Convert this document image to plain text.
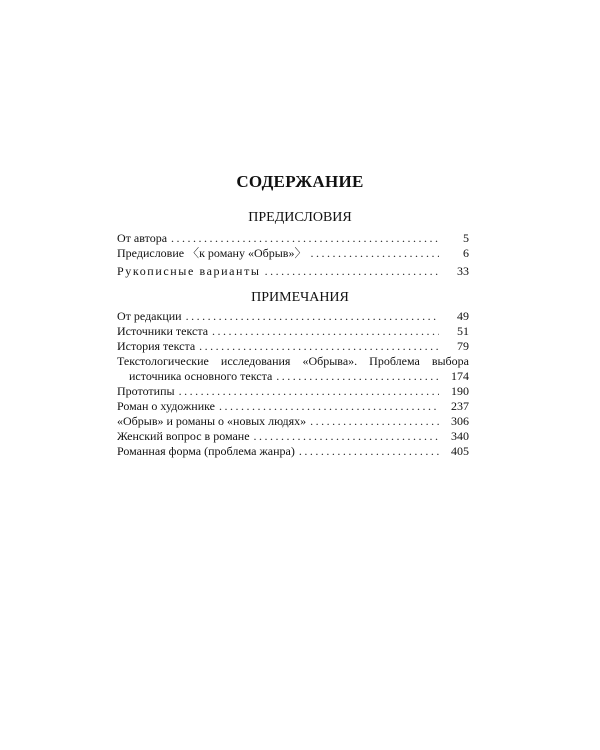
СОДЕРЖАНИЕ
ПРЕДИСЛОВИЯ
От автора . . .	5
Предисловие 〈к роману «Обрыв»〉 . . .	6
Рукописные варианты . . .	33
ПРИМЕЧАНИЯ
От редакции . . .	49
Источники текста . . .	51
История текста . . .	79
Текстологические исследования «Обрыва». Проблема выбора
источника основного текста . . .	174
Прототипы . . .	190
Роман о художнике . . .	237
«Обрыв» и романы о «новых людях» . . .	306
Женский вопрос в романе . . .	340
Романная форма (проблема жанра) . . .	405
